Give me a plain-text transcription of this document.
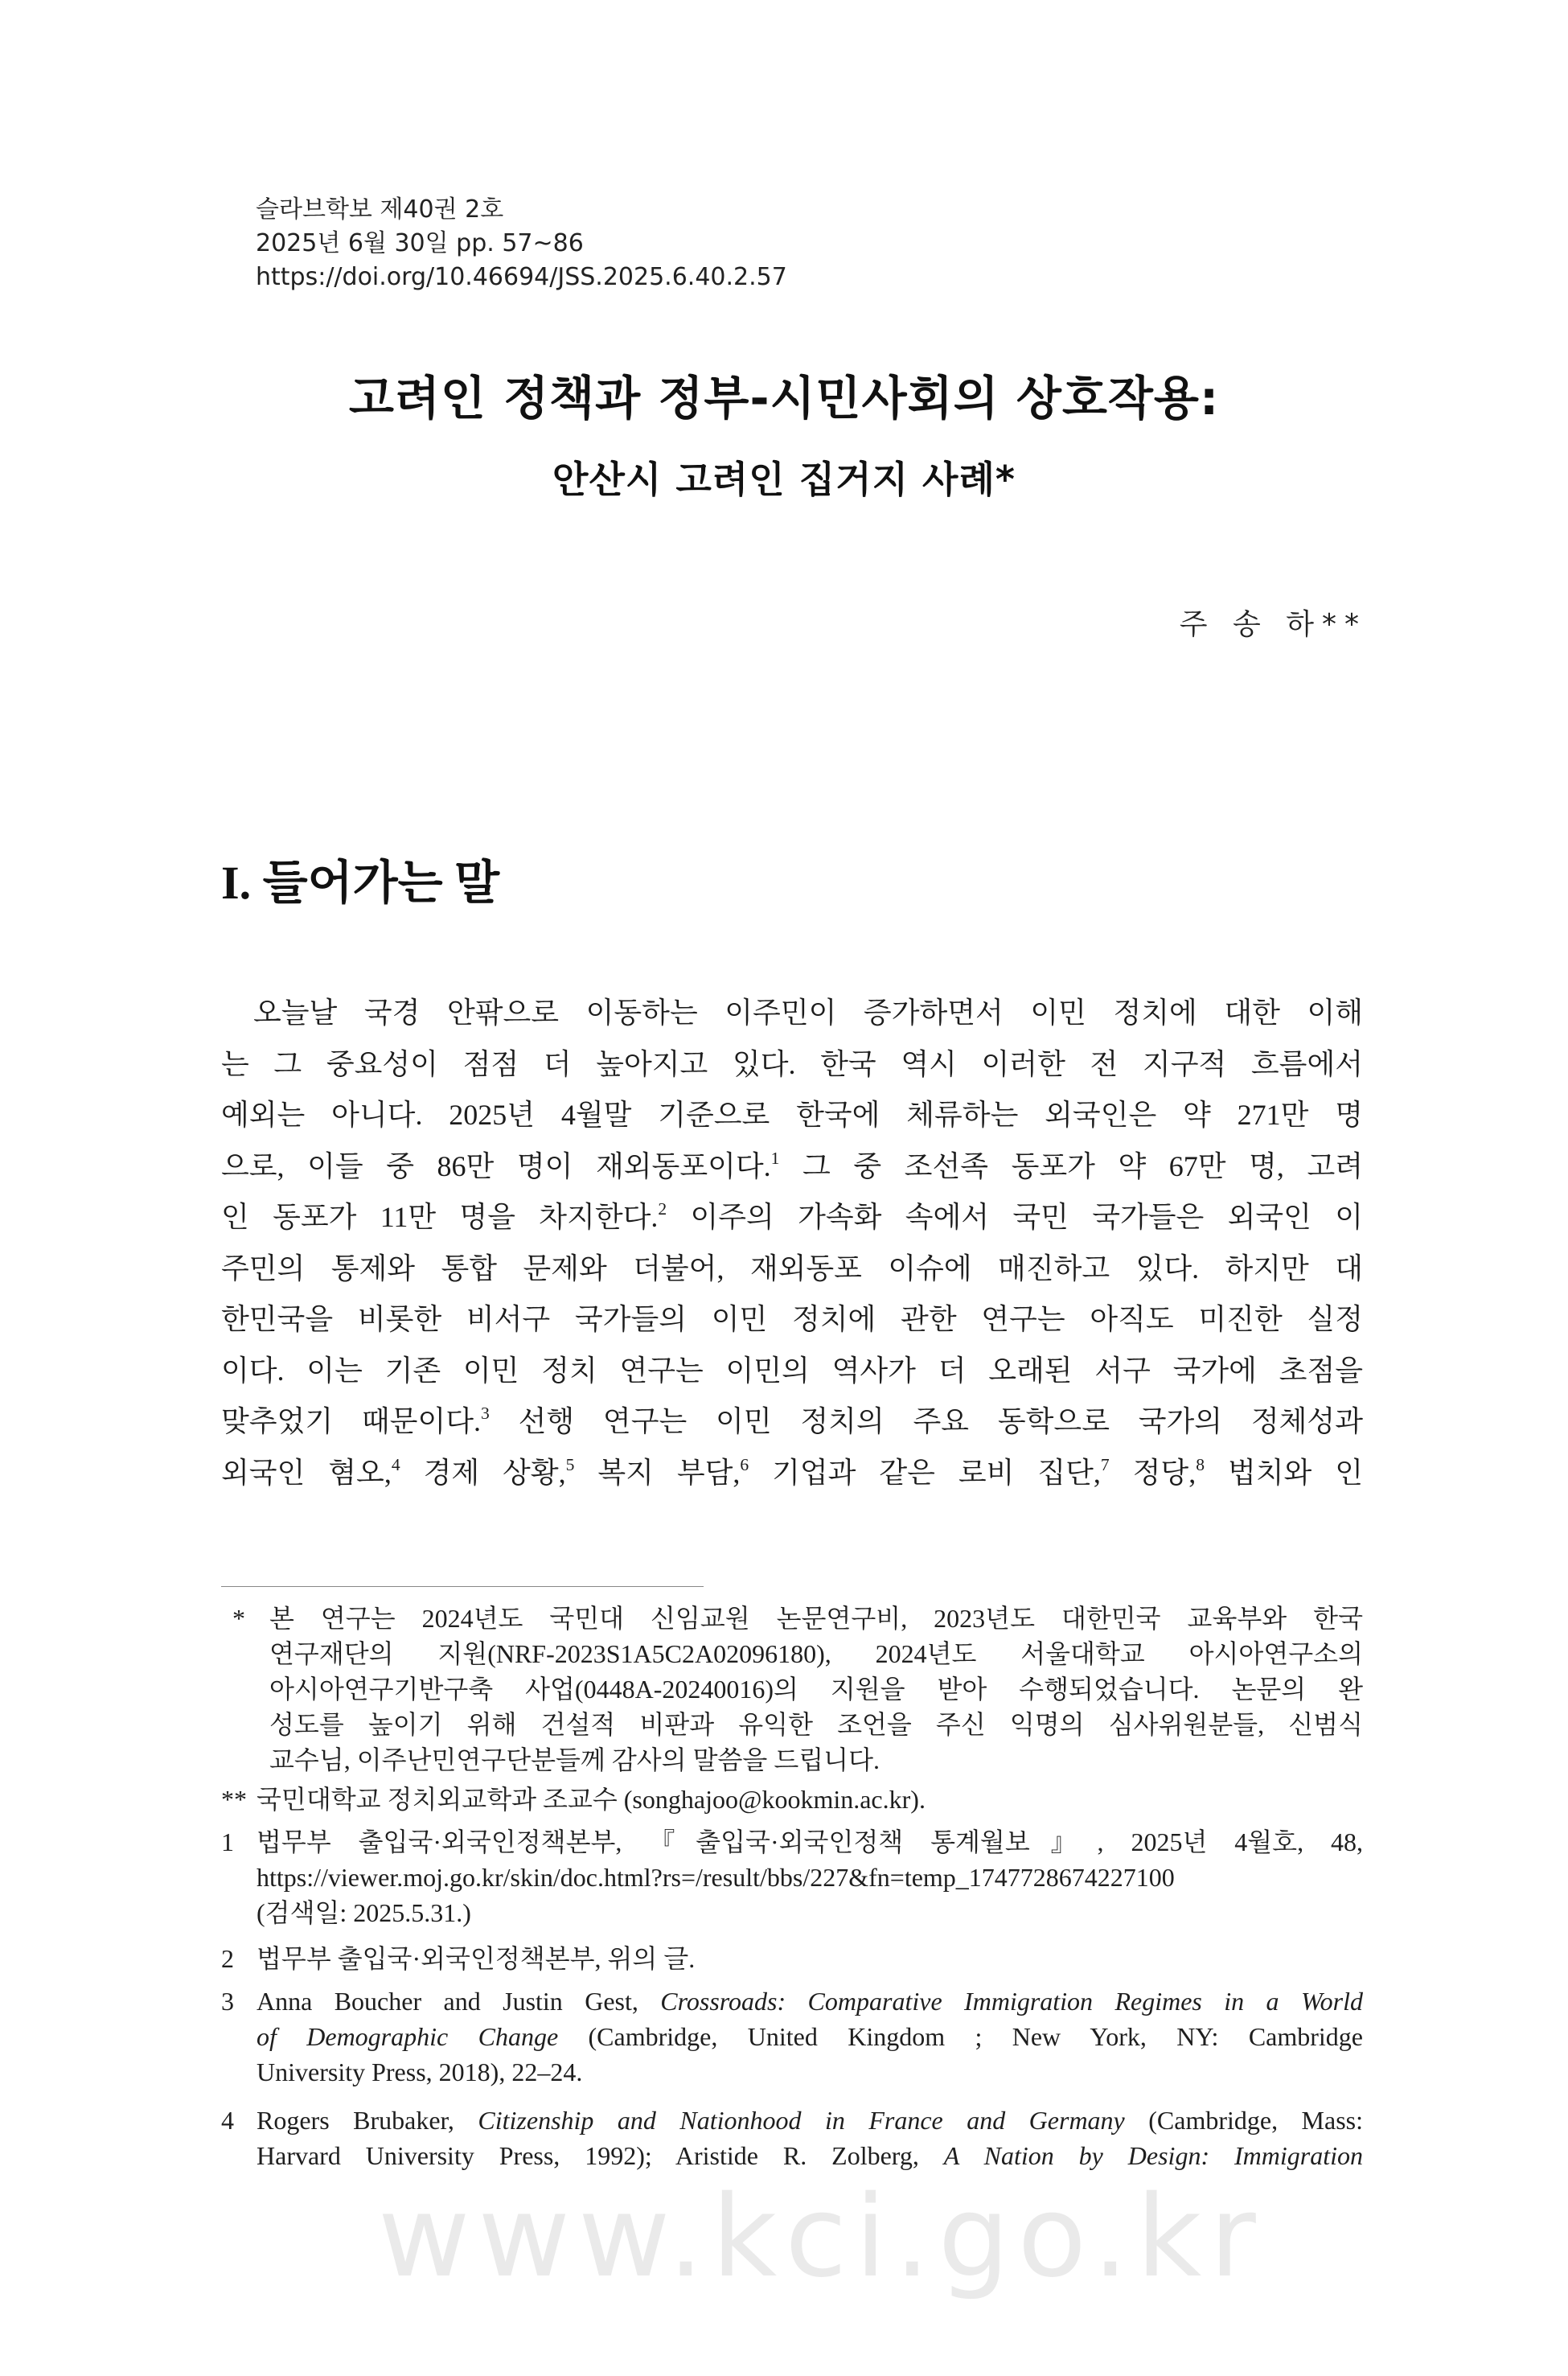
슬라브학보 제40권 2호
2025년 6월 30일 pp. 57~86
https://doi.org/10.46694/JSS.2025.6.40.2.57
고려인 정책과 정부-시민사회의 상호작용:
안산시 고려인 집거지 사례*
주 송 하**
I. 들어가는 말
오늘날 국경 안팎으로 이동하는 이주민이 증가하면서 이민 정치에 대한 이해
는 그 중요성이 점점 더 높아지고 있다. 한국 역시 이러한 전 지구적 흐름에서
예외는 아니다. 2025년 4월말 기준으로 한국에 체류하는 외국인은 약 271만 명
으로, 이들 중 86만 명이 재외동포이다.$^1$ 그 중 조선족 동포가 약 67만 명, 고려
인 동포가 11만 명을 차지한다.$^2$ 이주의 가속화 속에서 국민 국가들은 외국인 이
주민의 통제와 통합 문제와 더불어, 재외동포 이슈에 매진하고 있다. 하지만 대
한민국을 비롯한 비서구 국가들의 이민 정치에 관한 연구는 아직도 미진한 실정
이다. 이는 기존 이민 정치 연구는 이민의 역사가 더 오래된 서구 국가에 초점을
맞추었기 때문이다.$^3$ 선행 연구는 이민 정치의 주요 동학으로 국가의 정체성과
외국인 혐오,$^4$ 경제 상황,$^5$ 복지 부담,$^6$ 기업과 같은 로비 집단,$^7$ 정당,$^8$ 법치와 인
* 본 연구는 2024년도 국민대 신임교원 논문연구비, 2023년도 대한민국 교육부와 한국
연구재단의 지원(NRF-2023S1A5C2A02096180), 2024년도 서울대학교 아시아연구소의
아시아연구기반구축 사업(0448A-20240016)의 지원을 받아 수행되었습니다. 논문의 완
성도를 높이기 위해 건설적 비판과 유익한 조언을 주신 익명의 심사위원분들, 신범식
교수님, 이주난민연구단분들께 감사의 말씀을 드립니다.
** 국민대학교 정치외교학과 조교수 (songhajoo@kookmin.ac.kr).
1 법무부 출입국·외국인정책본부, 『출입국·외국인정책 통계월보』, 2025년 4월호, 48,
https://viewer.moj.go.kr/skin/doc.html?rs=/result/bbs/227&fn=temp_1747728674227100
(검색일: 2025.5.31.)
2 법무부 출입국·외국인정책본부, 위의 글.
3 Anna Boucher and Justin Gest, Crossroads: Comparative Immigration Regimes in a World
of Demographic Change (Cambridge, United Kingdom ; New York, NY: Cambridge
University Press, 2018), 22–24.
4 Rogers Brubaker, Citizenship and Nationhood in France and Germany (Cambridge, Mass:
Harvard University Press, 1992); Aristide R. Zolberg, A Nation by Design: Immigration
www.kci.go.kr
